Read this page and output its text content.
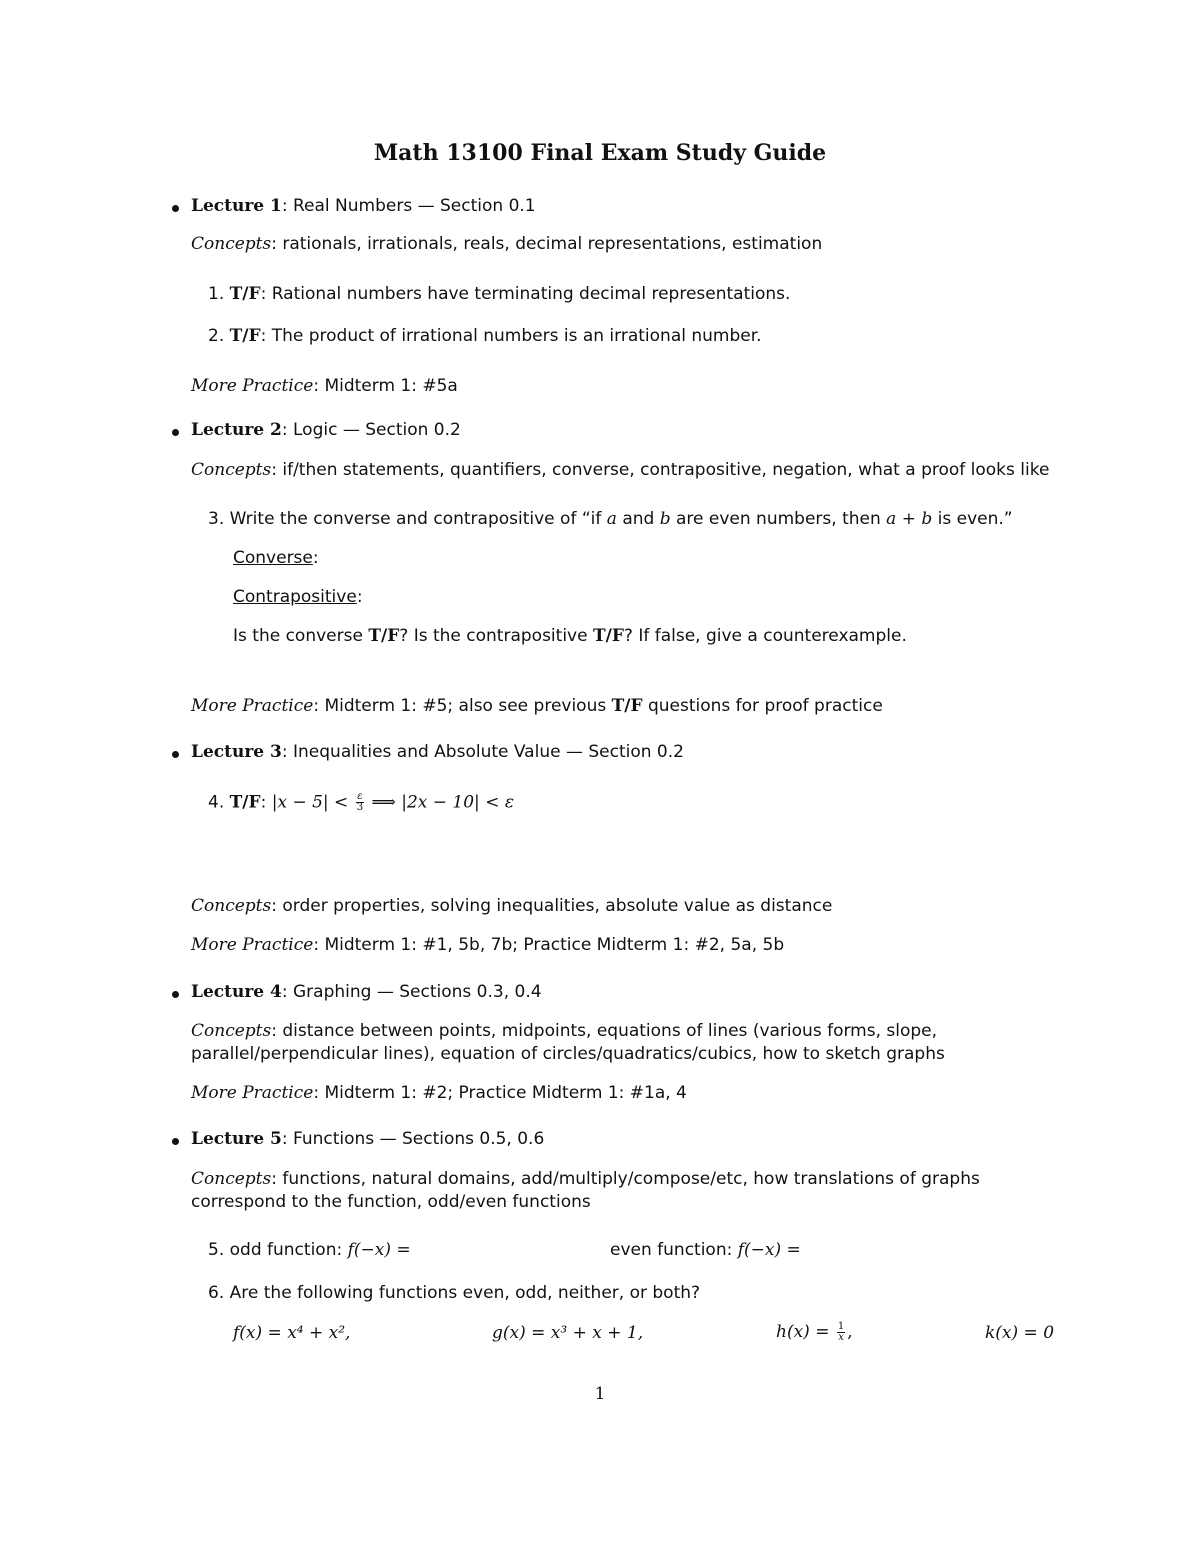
Math 13100 Final Exam Study Guide
Lecture 1: Real Numbers — Section 0.1
Concepts: rationals, irrationals, reals, decimal representations, estimation
1. T/F: Rational numbers have terminating decimal representations.
2. T/F: The product of irrational numbers is an irrational number.
More Practice: Midterm 1: #5a
Lecture 2: Logic — Section 0.2
Concepts: if/then statements, quantifiers, converse, contrapositive, negation, what a proof looks like
3. Write the converse and contrapositive of “if a and b are even numbers, then a + b is even.”
Converse:
Contrapositive:
Is the converse T/F? Is the contrapositive T/F? If false, give a counterexample.
More Practice: Midterm 1: #5; also see previous T/F questions for proof practice
Lecture 3: Inequalities and Absolute Value — Section 0.2
4. T/F: $|x - 5| < \frac{\varepsilon}{3}$ ⟹ |2x − 10| < ε
Concepts: order properties, solving inequalities, absolute value as distance
More Practice: Midterm 1: #1, 5b, 7b; Practice Midterm 1: #2, 5a, 5b
Lecture 4: Graphing — Sections 0.3, 0.4
Concepts: distance between points, midpoints, equations of lines (various forms, slope, parallel/perpendicular lines), equation of circles/quadratics/cubics, how to sketch graphs
More Practice: Midterm 1: #2; Practice Midterm 1: #1a, 4
Lecture 5: Functions — Sections 0.5, 0.6
Concepts: functions, natural domains, add/multiply/compose/etc, how translations of graphs correspond to the function, odd/even functions
5. odd function: f(−x) =	even function: f(−x) =
6. Are the following functions even, odd, neither, or both?
f(x) = x⁴ + x²,	g(x) = x³ + x + 1,	$h(x) = \frac{1}{x}$ ,	k(x) = 0
1
